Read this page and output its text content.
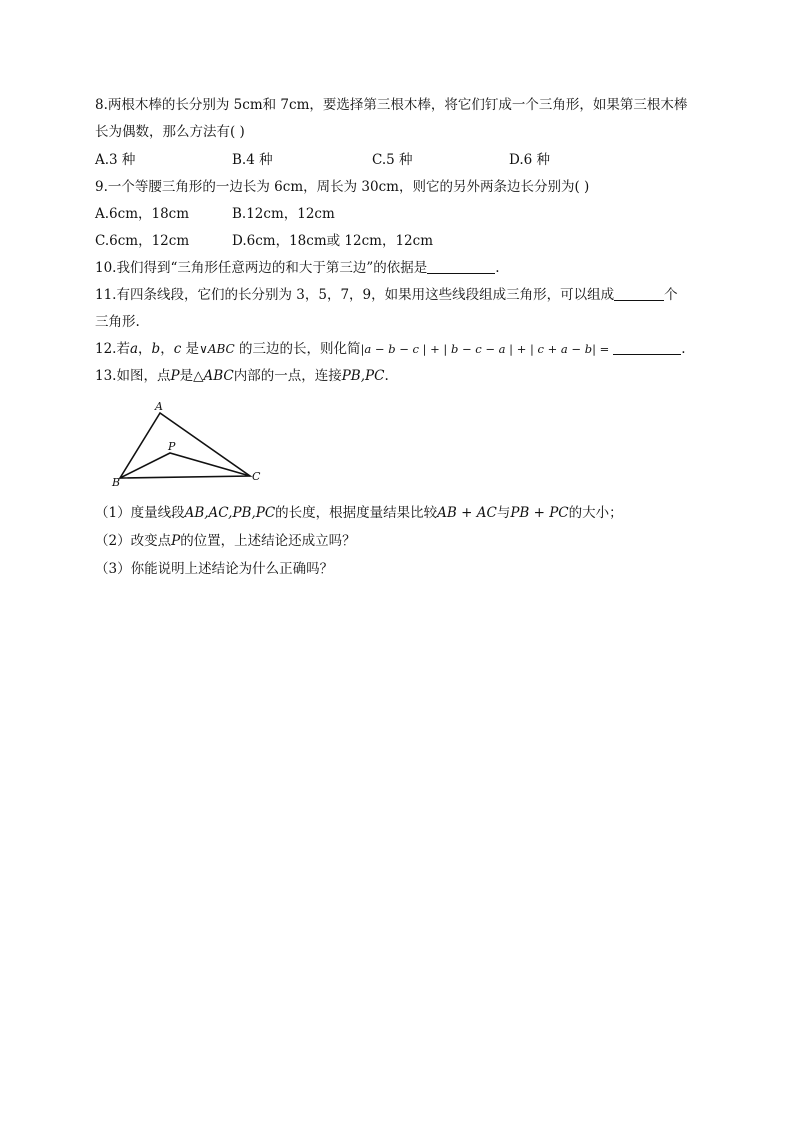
8.两根木棒的长分别为 5cm和 7cm，要选择第三根木棒，将它们钉成一个三角形，如果第三根木棒
长为偶数，那么方法有( )
A.3 种	B.4 种	C.5 种	D.6 种
9.一个等腰三角形的一边长为 6cm，周长为 30cm，则它的另外两条边长分别为( )
A.6cm，18cm	B.12cm，12cm
C.6cm，12cm	D.6cm，18cm或 12cm，12cm
10.我们得到“三角形任意两边的和大于第三边”的依据是	.
11.有四条线段，它们的长分别为 3，5，7，9，如果用这些线段组成三角形，可以组成	个
三角形.
12.若a，b，c 是∨ABC 的三边的长，则化简|a − b − c | + | b − c − a | + | c + a − b| =	.
13.如图，点P是△ABC内部的一点，连接PB,PC.
A
P
B	C
（1）度量线段AB,AC,PB,PC的长度，根据度量结果比较AB + AC与PB + PC的大小；
（2）改变点P的位置，上述结论还成立吗？
（3）你能说明上述结论为什么正确吗？
